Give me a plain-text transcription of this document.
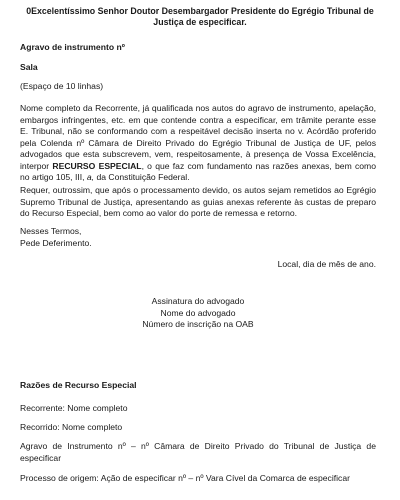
0Excelentíssimo Senhor Doutor Desembargador Presidente do Egrégio Tribunal de Justiça de especificar.
Agravo de instrumento nº
Sala
(Espaço de 10 linhas)
Nome completo da Recorrente, já qualificada nos autos do agravo de instrumento, apelação, embargos infringentes, etc. em que contende contra a especificar, em trâmite perante esse E. Tribunal, não se conformando com a respeitável decisão inserta no v. Acórdão proferido pela Colenda nº Câmara de Direito Privado do Egrégio Tribunal de Justiça de UF, pelos advogados que esta subscrevem, vem, respeitosamente, à presença de Vossa Excelência, interpor RECURSO ESPECIAL, o que faz com fundamento nas razões anexas, bem como no artigo 105, III, a, da Constituição Federal.
Requer, outrossim, que após o processamento devido, os autos sejam remetidos ao Egrégio Supremo Tribunal de Justiça, apresentando as guias anexas referente às custas de preparo do Recurso Especial, bem como ao valor do porte de remessa e retorno.
Nesses Termos,
Pede Deferimento.
Local, dia de mês de ano.
Assinatura do advogado
Nome do advogado
Número de inscrição na OAB
Razões de Recurso Especial
Recorrente: Nome completo
Recorrido: Nome completo
Agravo de Instrumento nº – nº Câmara de Direito Privado do Tribunal de Justiça de especificar
Processo de origem: Ação de especificar nº – nº Vara Cível da Comarca de especificar
